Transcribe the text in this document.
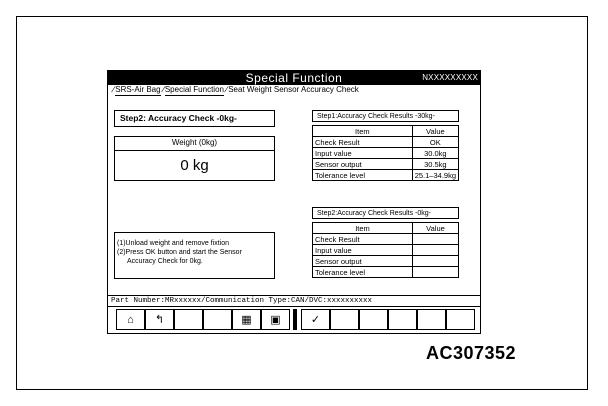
Special Function	NXXXXXXXXX
/SRS-Air Bag/Special Function/Seat Weight Sensor Accuracy Check
Step2: Accuracy Check -0kg-
Weight (0kg)
0 kg
(1)Unload weight and remove fixtion
(2)Press OK button and start the Sensor
Accuracy Check for 0kg.
Step1:Accuracy Check Results -30kg-
Item	Value
Check Result	OK
Input value	30.0kg
Sensor output	30.5kg
Tolerance level	25.1–34.9kg
Step2:Accuracy Check Results -0kg-
Item	Value
Check Result	
Input value	
Sensor output	
Tolerance level	
Part Number:MRxxxxxx/Communication Type:CAN/DVC:xxxxxxxxxx
⌂	↰	▦	▣	✓
AC307352
